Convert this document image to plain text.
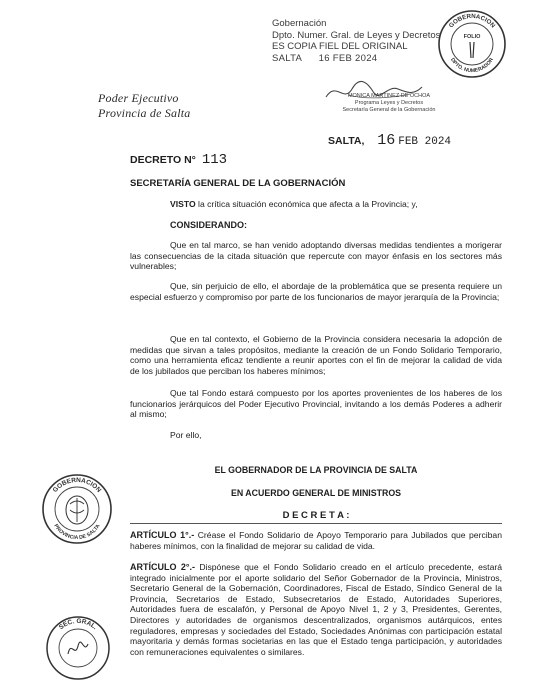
Gobernación
Dpto. Numer. Gral. de Leyes y Decretos
ES COPIA FIEL DEL ORIGINAL
SALTA 16 FEB 2024
MONICA MARTINEZ DE OCHOA
Programa Leyes y Decretos
Secretaría General de la Gobernación
GOBERNACION
DPTO. NUMERADOR
FOLIO
Poder Ejecutivo
Provincia de Salta
SALTA, 16 FEB 2024
DECRETO N° 113
SECRETARÍA GENERAL DE LA GOBERNACIÓN
VISTO la crítica situación económica que afecta a la Provincia; y,
CONSIDERANDO:
Que en tal marco, se han venido adoptando diversas medidas tendientes a morigerar las consecuencias de la citada situación que repercute con mayor énfasis en los sectores más vulnerables;
Que, sin perjuicio de ello, el abordaje de la problemática que se presenta requiere un especial esfuerzo y compromiso por parte de los funcionarios de mayor jerarquía de la Provincia;
Que en tal contexto, el Gobierno de la Provincia considera necesaria la adopción de medidas que sirvan a tales propósitos, mediante la creación de un Fondo Solidario Temporario, como una herramienta eficaz tendiente a reunir aportes con el fin de mejorar la calidad de vida de los jubilados que perciban los haberes mínimos;
Que tal Fondo estará compuesto por los aportes provenientes de los haberes de los funcionarios jerárquicos del Poder Ejecutivo Provincial, invitando a los demás Poderes a adherir al mismo;
Por ello,
EL GOBERNADOR DE LA PROVINCIA DE SALTA
EN ACUERDO GENERAL DE MINISTROS
D E C R E T A :
ARTÍCULO 1°.- Créase el Fondo Solidario de Apoyo Temporario para Jubilados que perciban haberes mínimos, con la finalidad de mejorar su calidad de vida.
ARTÍCULO 2°.- Dispónese que el Fondo Solidario creado en el artículo precedente, estará integrado inicialmente por el aporte solidario del Señor Gobernador de la Provincia, Ministros, Secretario General de la Gobernación, Coordinadores, Fiscal de Estado, Síndico General de la Provincia, Secretarios de Estado, Subsecretarios de Estado, Autoridades Superiores, Autoridades fuera de escalafón, y Personal de Apoyo Nivel 1, 2 y 3, Presidentes, Gerentes, Directores y autoridades de organismos descentralizados, organismos autárquicos, entes reguladores, empresas y sociedades del Estado, Sociedades Anónimas con participación estatal mayoritaria y demás formas societarias en las que el Estado tenga participación, y autoridades con remuneraciones equivalentes o similares.
GOBERNACION
PROVINCIA DE SALTA
SEC. GRAL.
